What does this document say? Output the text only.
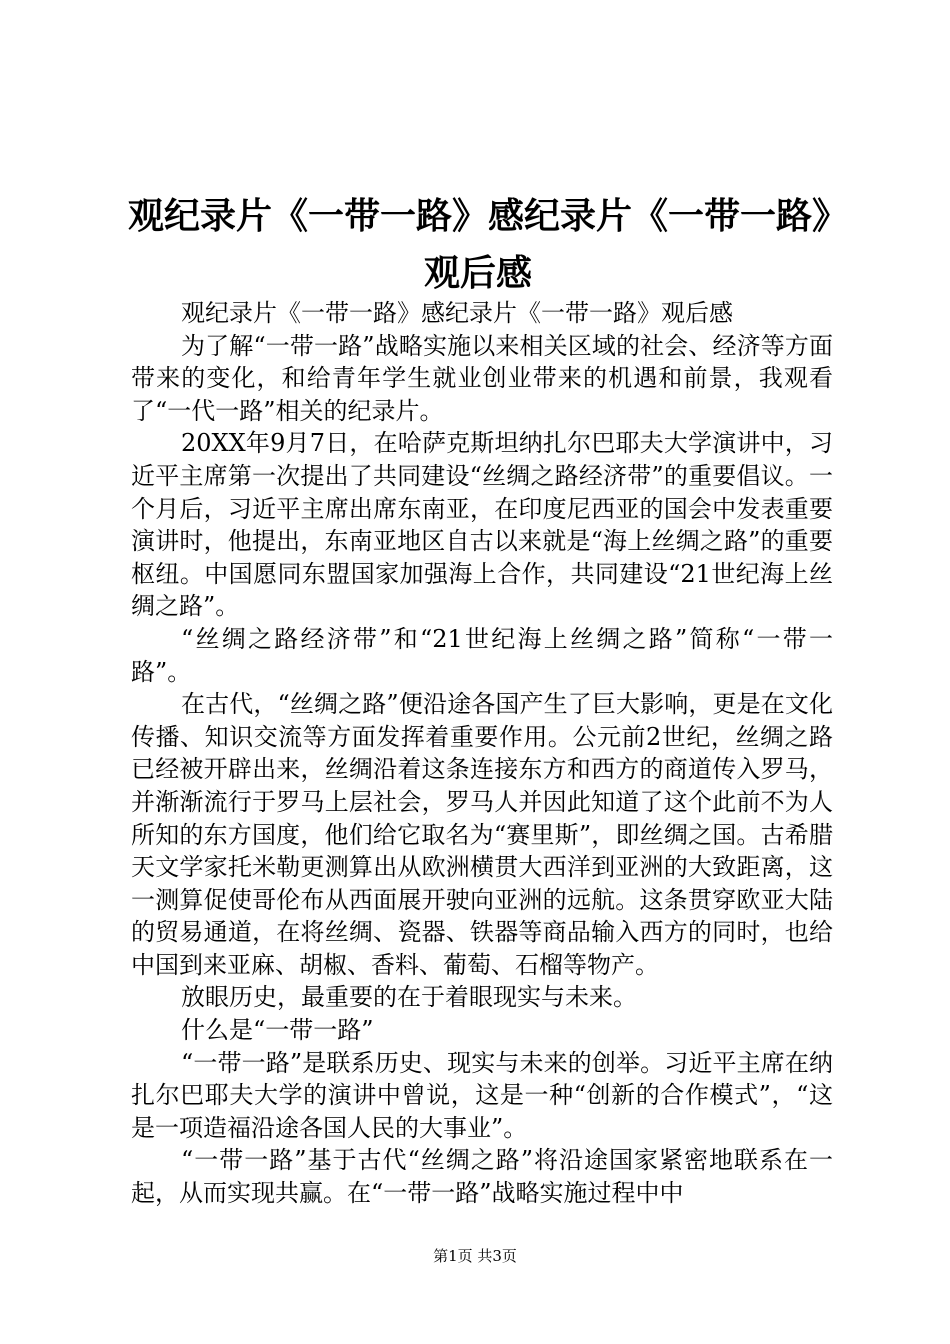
观纪录片《一带一路》感纪录片《一带一路》
观后感

观纪录片《一带一路》感纪录片《一带一路》观后感

为了解“一带一路”战略实施以来相关区域的社会、经济等方面带来的变化，和给青年学生就业创业带来的机遇和前景，我观看了“一代一路”相关的纪录片。

20XX年9月7日，在哈萨克斯坦纳扎尔巴耶夫大学演讲中，习近平主席第一次提出了共同建设“丝绸之路经济带”的重要倡议。一个月后，习近平主席出席东南亚，在印度尼西亚的国会中发表重要演讲时，他提出，东南亚地区自古以来就是“海上丝绸之路”的重要枢纽。中国愿同东盟国家加强海上合作，共同建设“21世纪海上丝绸之路”。

“丝绸之路经济带”和“21世纪海上丝绸之路”简称“一带一路”。

在古代，“丝绸之路”便沿途各国产生了巨大影响，更是在文化传播、知识交流等方面发挥着重要作用。公元前2世纪，丝绸之路已经被开辟出来，丝绸沿着这条连接东方和西方的商道传入罗马，并渐渐流行于罗马上层社会，罗马人并因此知道了这个此前不为人所知的东方国度，他们给它取名为“赛里斯”，即丝绸之国。古希腊天文学家托米勒更测算出从欧洲横贯大西洋到亚洲的大致距离，这一测算促使哥伦布从西面展开驶向亚洲的远航。这条贯穿欧亚大陆的贸易通道，在将丝绸、瓷器、铁器等商品输入西方的同时，也给中国到来亚麻、胡椒、香料、葡萄、石榴等物产。

放眼历史，最重要的在于着眼现实与未来。

什么是“一带一路”

“一带一路”是联系历史、现实与未来的创举。习近平主席在纳扎尔巴耶夫大学的演讲中曾说，这是一种“创新的合作模式”，“这是一项造福沿途各国人民的大事业”。

“一带一路”基于古代“丝绸之路”将沿途国家紧密地联系在一起，从而实现共赢。在“一带一路”战略实施过程中中

第1页 共3页
